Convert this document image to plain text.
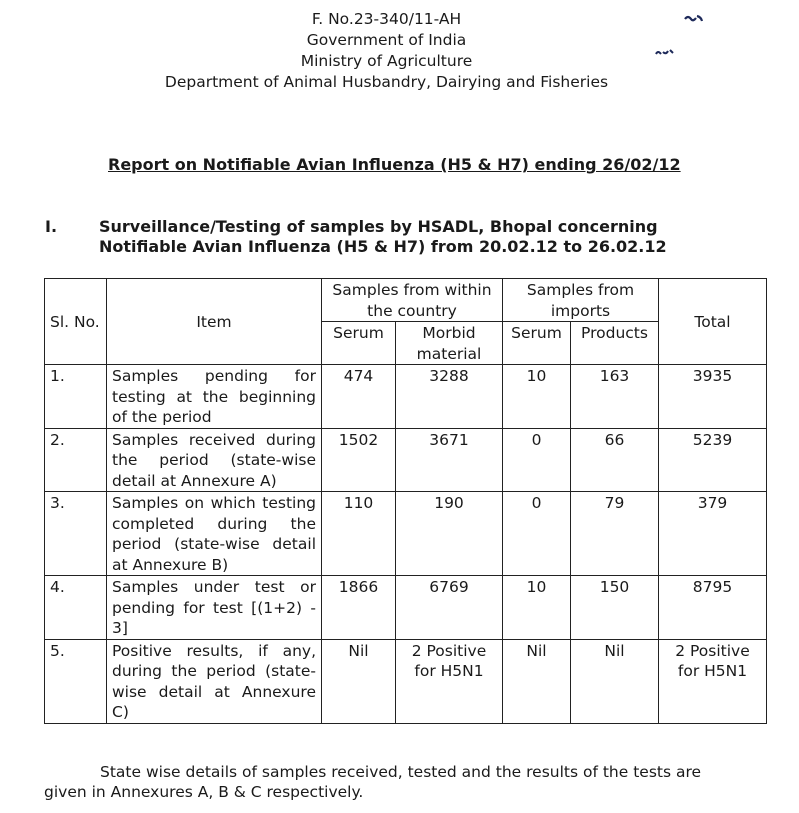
F. No.23-340/11-AH
Government of India
Ministry of Agriculture
Department of Animal Husbandry, Dairying and Fisheries
Report on Notifiable Avian Influenza (H5 & H7) ending 26/02/12
I.	Surveillance/Testing of samples by HSADL, Bhopal concerning Notifiable Avian Influenza (H5 & H7) from 20.02.12 to 26.02.12
Sl. No.	Item	Samples from within the country		Samples from imports		Total
		Serum	Morbid material	Serum	Products	
1.	Samples pending for testing at the beginning of the period	474	3288	10	163	3935
2.	Samples received during the period (state-wise detail at Annexure A)	1502	3671	0	66	5239
3.	Samples on which testing completed during the period (state-wise detail at Annexure B)	110	190	0	79	379
4.	Samples under test or pending for test [(1+2) - 3]	1866	6769	10	150	8795
5.	Positive results, if any, during the period (state-wise detail at Annexure C)	Nil	2 Positive for H5N1	Nil	Nil	2 Positive for H5N1
State wise details of samples received, tested and the results of the tests are given in Annexures A, B & C respectively.
